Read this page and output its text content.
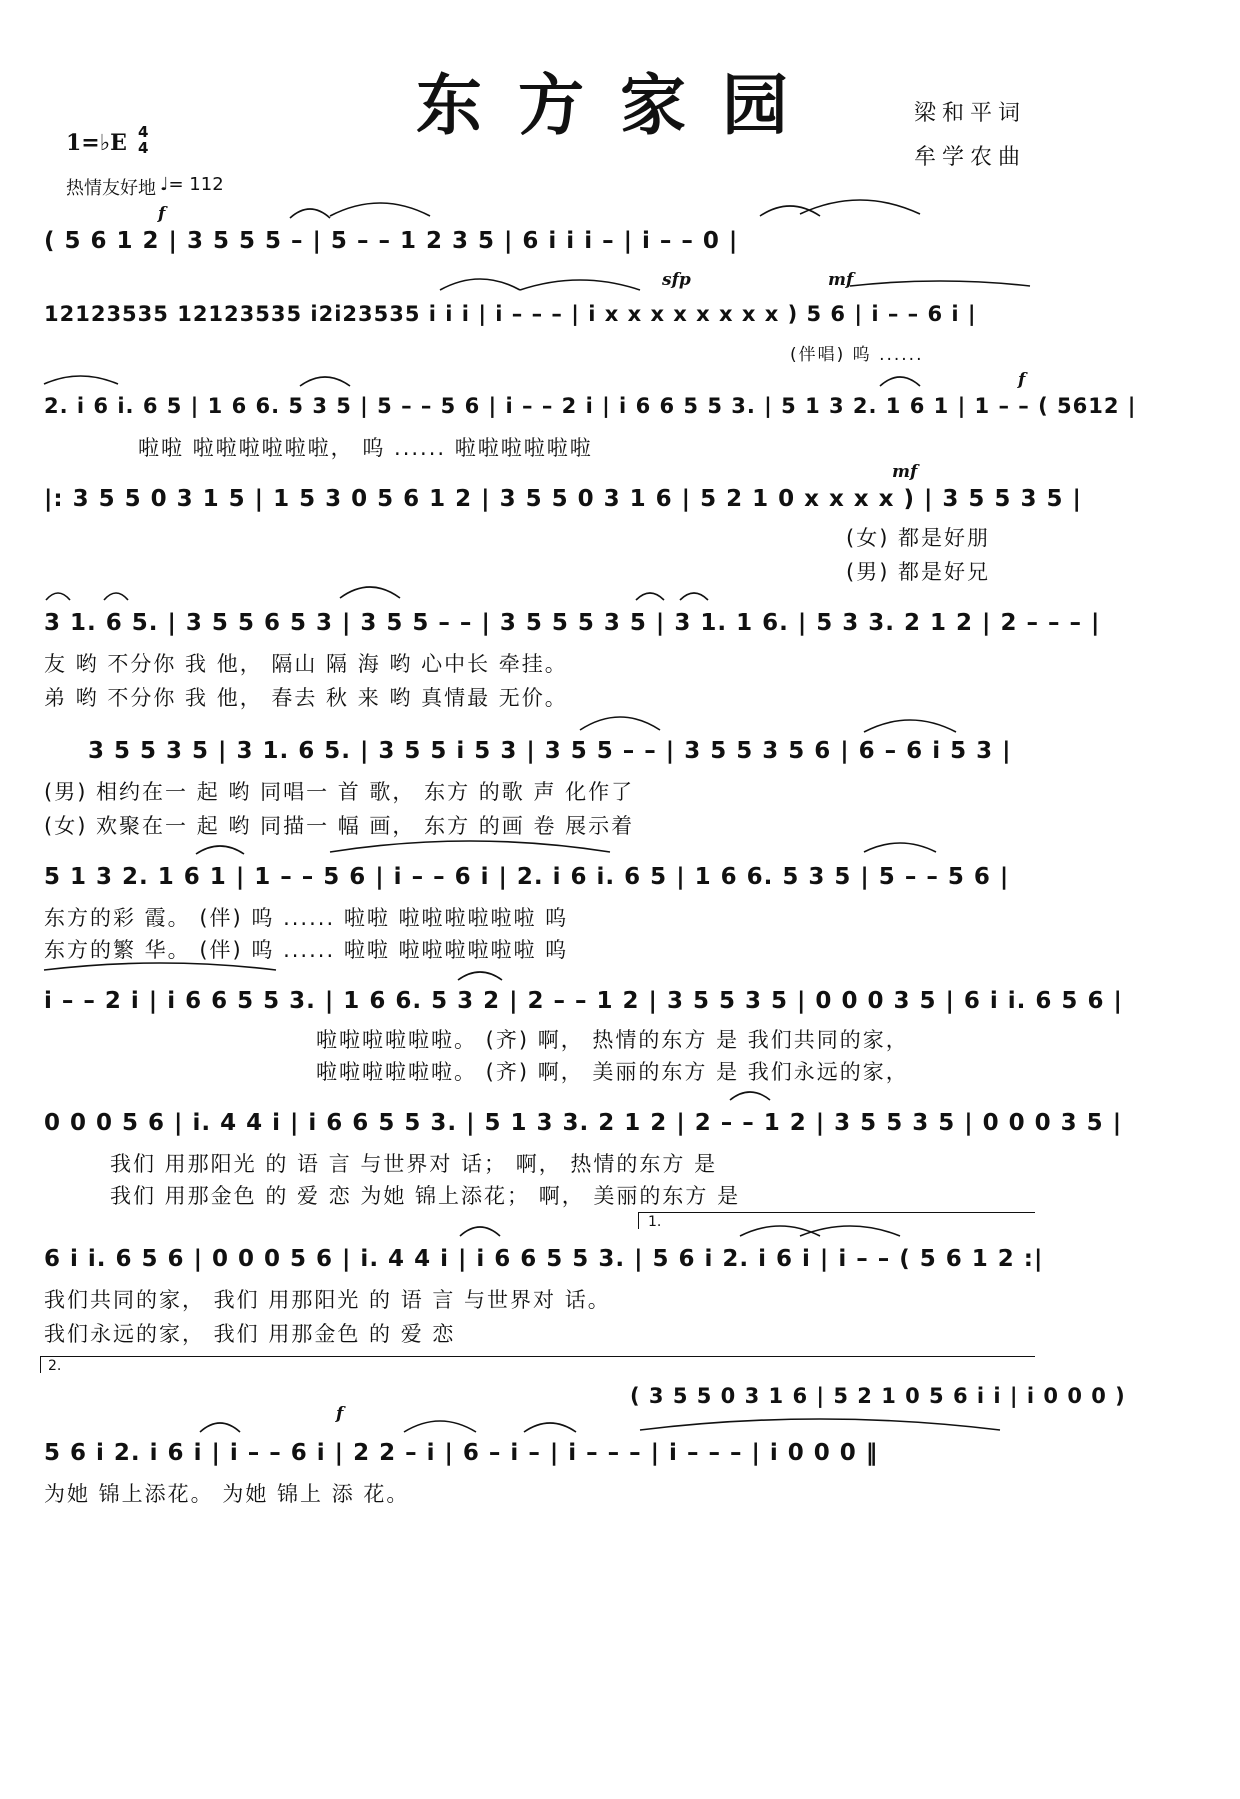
东方家园	梁和平词
牟学农曲
1=♭E 4
4
热情友好地 ♩= 112
f
sfp	mf
f
mf
f
( 5 6 1 2 | 3 5 5 5 – | 5 – – 1 2 3 5 | 6 i i i – | i – – 0 |
12123535 12123535 i2i23535 i i i | i – – – | i x x x x x x x x ) 5 6 | i – – 6 i |
(伴唱) 呜 ......
2. i 6 i. 6 5 | 1 6 6. 5 3 5 | 5 – – 5 6 | i – – 2 i | i 6 6 5 5 3. | 5 1 3 2. 1 6 1 | 1 – – ( 5612 |
啦啦 啦啦啦啦啦啦， 呜 ...... 啦啦啦啦啦啦
|: 3 5 5 0 3 1 5 | 1 5 3 0 5 6 1 2 | 3 5 5 0 3 1 6 | 5 2 1 0 x x x x ) | 3 5 5 3 5 |
(女) 都是好朋
(男) 都是好兄
3 1. 6 5. | 3 5 5 6 5 3 | 3 5 5 – – | 3 5 5 5 3 5 | 3 1. 1 6. | 5 3 3. 2 1 2 | 2 – – – |
友 哟 不分你 我 他， 隔山 隔 海 哟 心中长 牵挂。
弟 哟 不分你 我 他， 春去 秋 来 哟 真情最 无价。
3 5 5 3 5 | 3 1. 6 5. | 3 5 5 i 5 3 | 3 5 5 – – | 3 5 5 3 5 6 | 6 – 6 i 5 3 |
(男) 相约在一 起 哟 同唱一 首 歌， 东方 的歌 声 化作了
(女) 欢聚在一 起 哟 同描一 幅 画， 东方 的画 卷 展示着
5 1 3 2. 1 6 1 | 1 – – 5 6 | i – – 6 i | 2. i 6 i. 6 5 | 1 6 6. 5 3 5 | 5 – – 5 6 |
东方的彩 霞。 (伴) 呜 ...... 啦啦 啦啦啦啦啦啦 呜
东方的繁 华。 (伴) 呜 ...... 啦啦 啦啦啦啦啦啦 呜
i – – 2 i | i 6 6 5 5 3. | 1 6 6. 5 3 2 | 2 – – 1 2 | 3 5 5 3 5 | 0 0 0 3 5 | 6 i i. 6 5 6 |
啦啦啦啦啦啦。 (齐) 啊， 热情的东方 是 我们共同的家，
啦啦啦啦啦啦。 (齐) 啊， 美丽的东方 是 我们永远的家，
0 0 0 5 6 | i. 4 4 i | i 6 6 5 5 3. | 5 1 3 3. 2 1 2 | 2 – – 1 2 | 3 5 5 3 5 | 0 0 0 3 5 |
我们 用那阳光 的 语 言 与世界对 话； 啊， 热情的东方 是
我们 用那金色 的 爱 恋 为她 锦上添花； 啊， 美丽的东方 是
1.
6 i i. 6 5 6 | 0 0 0 5 6 | i. 4 4 i | i 6 6 5 5 3. | 5 6 i 2. i 6 i | i – – ( 5 6 1 2 :|
我们共同的家， 我们 用那阳光 的 语 言 与世界对 话。
我们永远的家， 我们 用那金色 的 爱 恋
2.
( 3 5 5 0 3 1 6 | 5 2 1 0 5 6 i i | i 0 0 0 )
5 6 i 2. i 6 i | i – – 6 i | 2 2 – i | 6 – i – | i – – – | i – – – | i 0 0 0 ‖
为她 锦上添花。 为她 锦上 添 花。
